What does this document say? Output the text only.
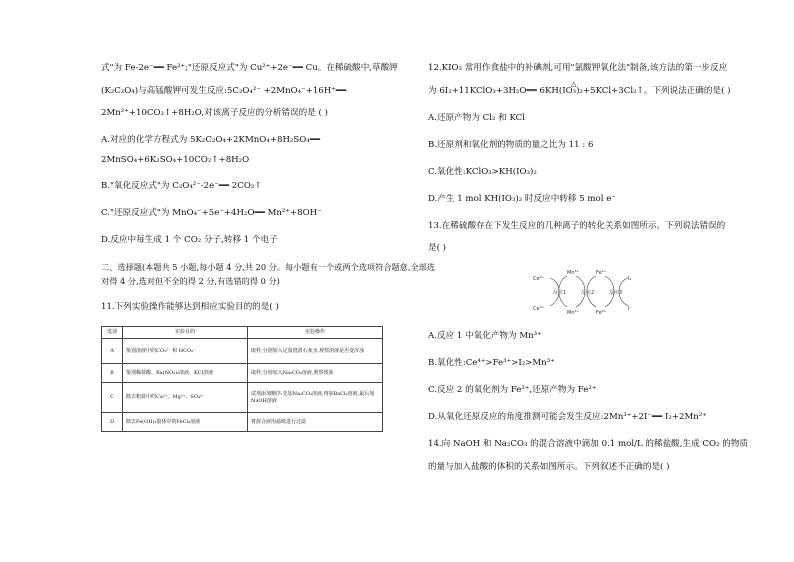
式"为 Fe-2e⁻━━ Fe²⁺;"还原反应式"为 Cu²⁺+2e⁻━━ Cu。在稀硫酸中,草酸钾
(K₂C₂O₄)与高锰酸钾可发生反应:5C₂O₄²⁻ +2MnO₄⁻+16H⁺━━
2Mn²⁺+10CO₂↑+8H₂O,对该离子反应的分析错误的是 ( )
A.对应的化学方程式为 5K₂C₂O₄+2KMnO₄+8H₂SO₄━━
2MnSO₄+6K₂SO₄+10CO₂↑+8H₂O
B."氧化反应式"为 C₂O₄²⁻-2e⁻━━ 2CO₂↑
C."还原反应式"为 MnO₄⁻+5e⁻+4H₂O━━ Mn²⁺+8OH⁻
D.反应中每生成 1 个 CO₂ 分子,转移 1 个电子
二、选择题(本题共 5 小题,每小题 4 分,共 20 分。每小题有一个或两个选项符合题意,全部选
对得 4 分,选对但不全的得 2 分,有选错的得 0 分)
11.下列实验操作能够达到相应实验目的的是( )
选项	实验目的	实验操作
A	鉴别溶液中的CO₃²⁻ 和 HCO₃⁻	取样,分别加入足量澄清石灰水,观察溶液是否变浑浊
B	鉴别稀盐酸、Ba(NO₃)₂溶液、KCl溶液	取样,分别加入Na₂CO₃溶液,观察现象
C	除去粗盐中的Ca²⁺、Mg²⁺、SO₄²⁻	试剂添加顺序:先加Na₂CO₃溶液,再加BaCl₂溶液,最后加NaOH溶液
D	除去Fe(OH)₃胶体中的FeCl₃溶液	将混合液用滤纸进行过滤
12.KIO₃ 常用作食盐中的补碘剂,可用"氯酸钾氧化法"制备,该方法的第一步反应
为 6I₂+11KClO₃+3H₂O══ 6KH(IO₃)₂+5KCl+3Cl₂↑。下列说法正确的是( )
△
A.还原产物为 Cl₂ 和 KCl
B.还原剂和氧化剂的物质的量之比为 11 : 6
C.氧化性:KClO₃>KH(IO₃)₂
D.产生 1 mol KH(IO₃)₂ 时反应中转移 5 mol e⁻
13.在稀硫酸存在下发生反应的几种离子的转化关系如图所示。下列说法错误的
是( )
Ce⁴⁺
Ce³⁺
Mn³⁺
Mn²⁺
Fe²⁺
Fe³⁺
I₂
I⁻
反应1	反应2	反应3
A.反应 1 中氧化产物为 Mn³⁺
B.氧化性:Ce⁴⁺>Fe³⁺>I₂>Mn³⁺
C.反应 2 的氧化剂为 Fe³⁺,还原产物为 Fe²⁺
D.从氧化还原反应的角度推测可能会发生反应:2Mn³⁺+2I⁻━━ I₂+2Mn²⁺
14.向 NaOH 和 Na₂CO₃ 的混合溶液中滴加 0.1 mol/L 的稀盐酸,生成 CO₂ 的物质
的量与加入盐酸的体积的关系如图所示。下列叙述不正确的是( )
